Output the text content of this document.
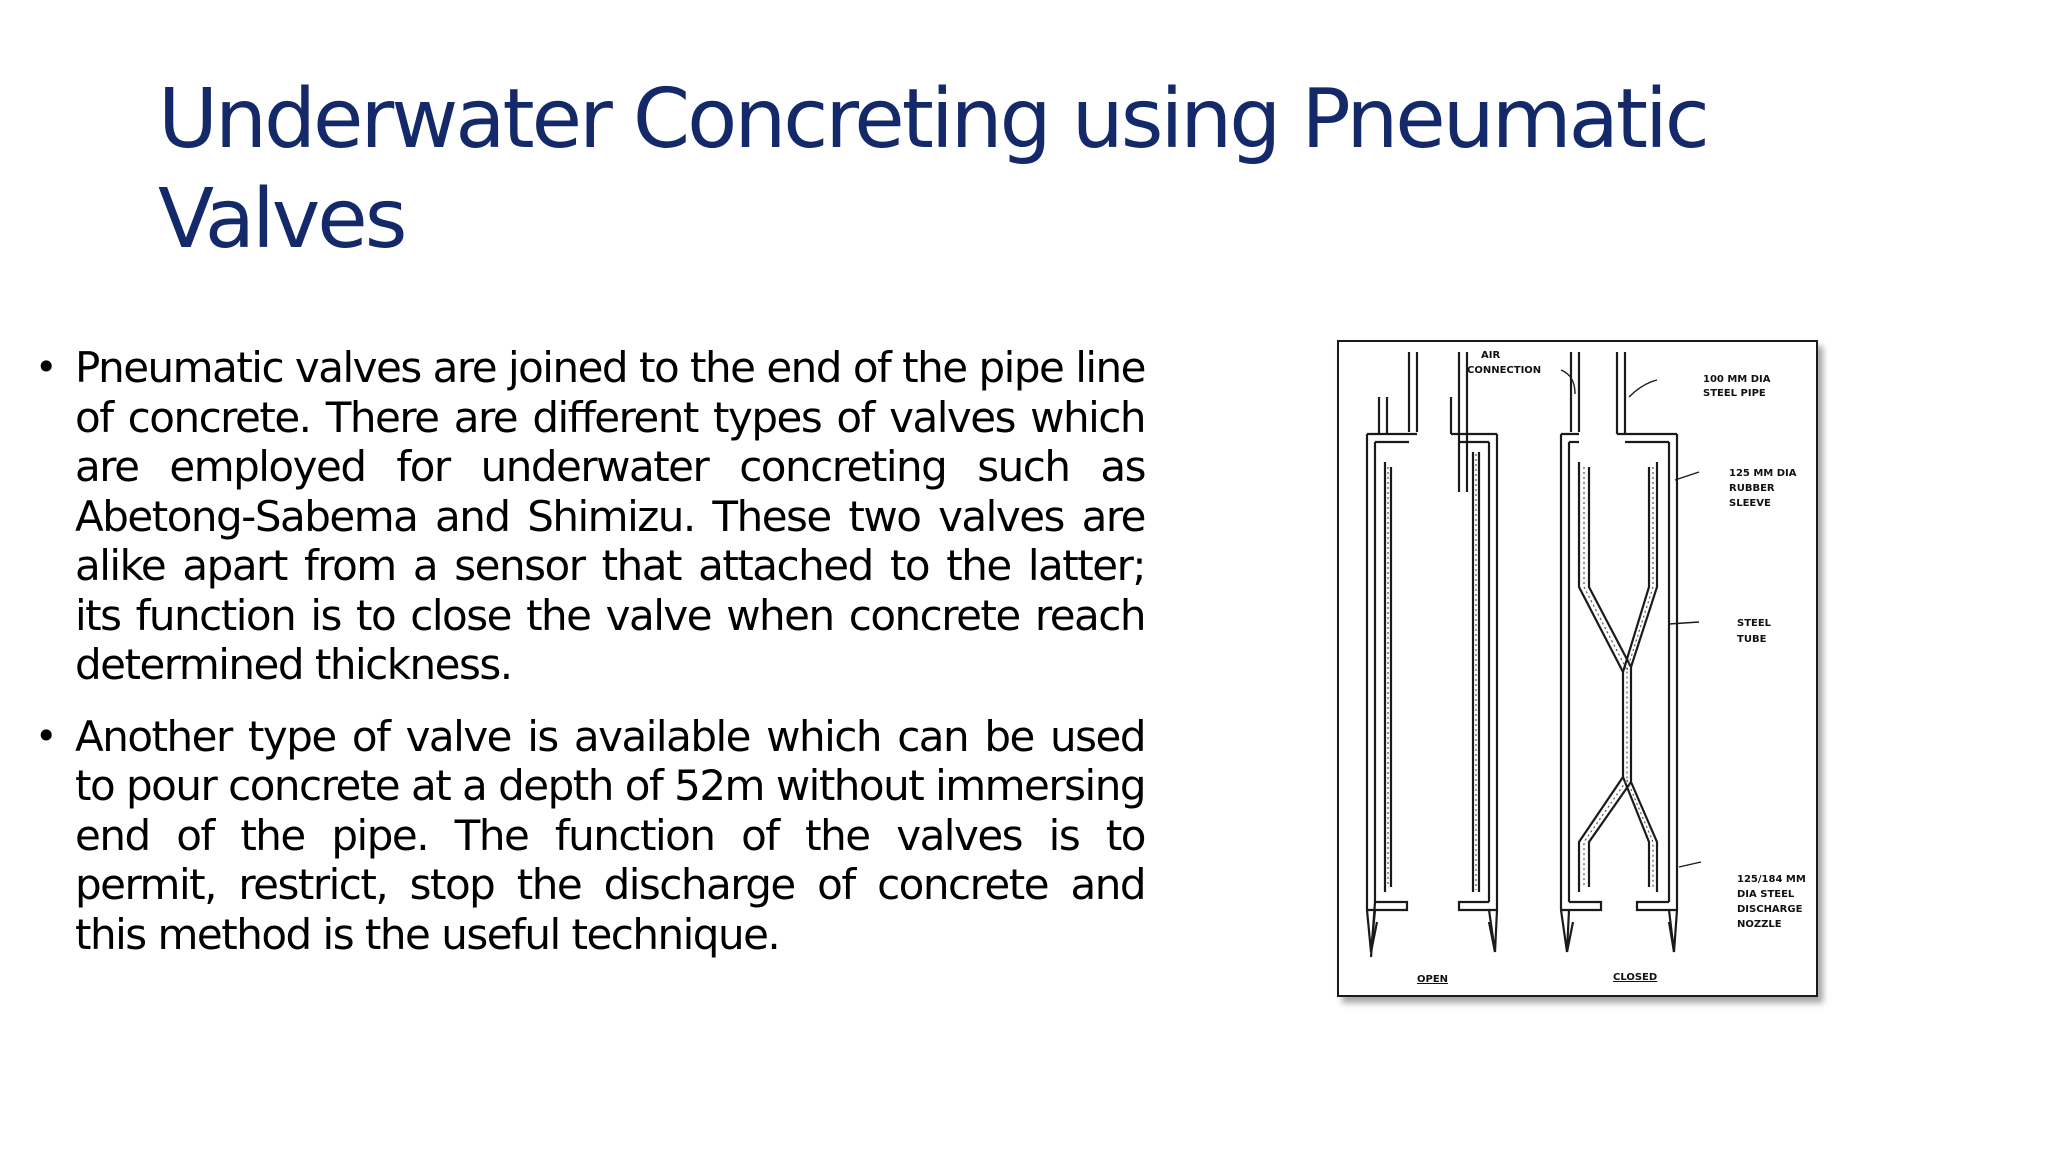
Underwater Concreting using Pneumatic Valves
• Pneumatic valves are joined to the end of the pipe line of concrete. There are different types of valves which are employed for underwater concreting such as Abetong-Sabema and Shimizu. These two valves are alike apart from a sensor that attached to the latter; its function is to close the valve when concrete reach determined thickness.
• Another type of valve is available which can be used to pour concrete at a depth of 52m without immersing end of the pipe. The function of the valves is to permit, restrict, stop the discharge of concrete and this method is the useful technique.
AIR
CONNECTION
100 MM DIA
STEEL PIPE
125 MM DIA
RUBBER
SLEEVE
STEEL
TUBE
125/184 MM
DIA STEEL
DISCHARGE
NOZZLE
OPEN	CLOSED
